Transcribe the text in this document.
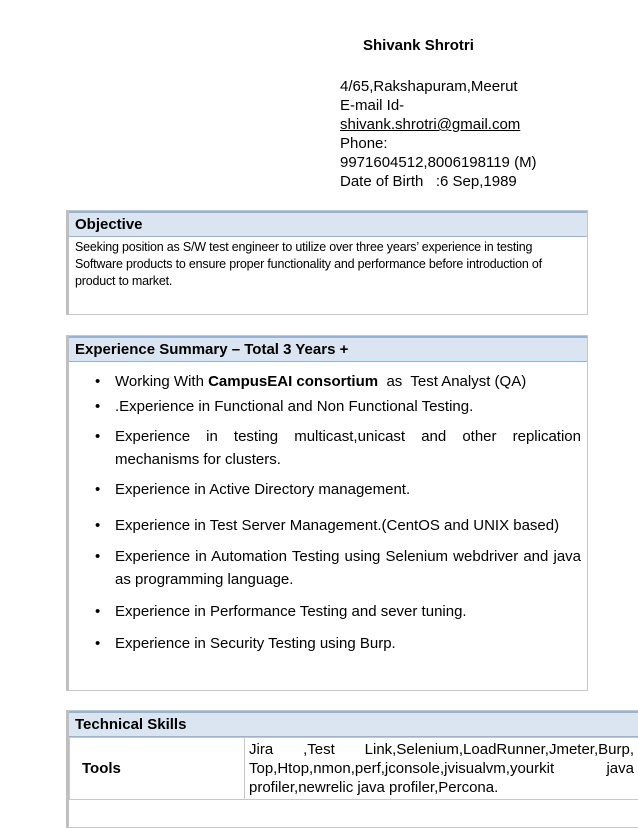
Shivank Shrotri
4/65,Rakshapuram,Meerut
E-mail Id-
shivank.shrotri@gmail.com
Phone:
9971604512,8006198119 (M)
Date of Birth   :6 Sep,1989
Objective
Seeking position as S/W test engineer to utilize over three years’ experience in testing Software products to ensure proper functionality and performance before introduction of product to market.
Experience Summary – Total 3 Years +
• Working With CampusEAI consortium  as  Test Analyst (QA)
• .Experience in Functional and Non Functional Testing.
• Experience in testing multicast,unicast and other replication mechanisms for clusters.
• Experience in Active Directory management.
• Experience in Test Server Management.(CentOS and UNIX based)
• Experience in Automation Testing using Selenium webdriver and java as programming language.
• Experience in Performance Testing and sever tuning.
• Experience in Security Testing using Burp.
Technical Skills
Tools	Jira ,Test Link,Selenium,LoadRunner,Jmeter,Burp, Top,Htop,nmon,perf,jconsole,jvisualvm,yourkit java profiler,newrelic java profiler,Percona.
